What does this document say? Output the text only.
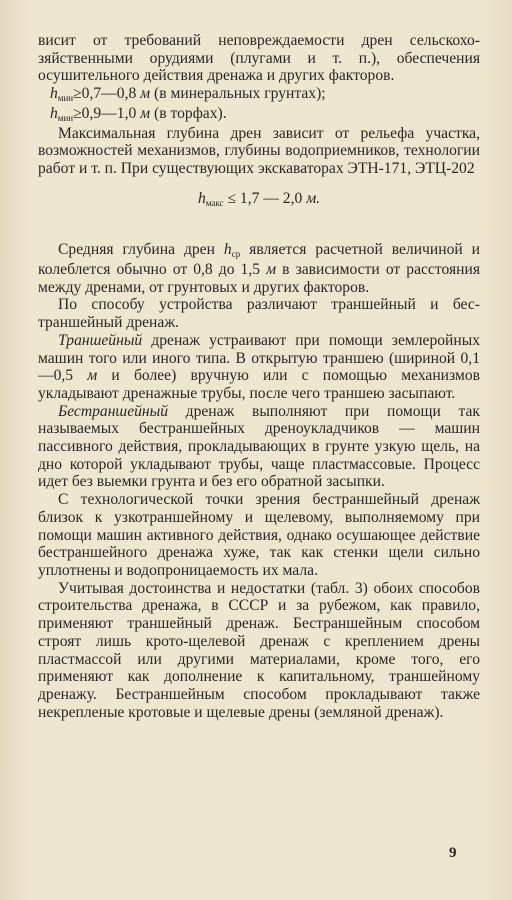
висит от требований неповреждаемости дрен сельскохозяйственными орудиями (плугами и т. п.), обеспечения осушительного действия дренажа и других факторов.

hмин≥0,7—0,8 м (в минеральных грунтах);

hмин≥0,9—1,0 м (в торфах).

Максимальная глубина дрен зависит от рельефа участка, возможностей механизмов, глубины водоприемников, технологии работ и т. п. При существующих экскаваторах ЭТН-171, ЭТЦ-202

hмакс ≤ 1,7 — 2,0 м.

Средняя глубина дрен hср является расчетной величиной и колеблется обычно от 0,8 до 1,5 м в зависимости от расстояния между дренами, от грунтовых и других факторов.

По способу устройства различают траншейный и бестраншейный дренаж.

Траншейный дренаж устраивают при помощи землеройных машин того или иного типа. В открытую траншею (шириной 0,1—0,5 м и более) вручную или с помощью механизмов укладывают дренажные трубы, после чего траншею засыпают.

Бестраншейный дренаж выполняют при помощи так называемых бестраншейных дреноукладчиков — машин пассивного действия, прокладывающих в грунте узкую щель, на дно которой укладывают трубы, чаще пластмассовые. Процесс идет без выемки грунта и без его обратной засыпки.

С технологической точки зрения бестраншейный дренаж близок к узкотраншейному и щелевому, выполняемому при помощи машин активного действия, однако осушающее действие бестраншейного дренажа хуже, так как стенки щели сильно уплотнены и водопроницаемость их мала.

Учитывая достоинства и недостатки (табл. 3) обоих способов строительства дренажа, в СССР и за рубежом, как правило, применяют траншейный дренаж. Бестраншейным способом строят лишь крото-щелевой дренаж с креплением дрены пластмассой или другими материалами, кроме того, его применяют как дополнение к капитальному, траншейному дренажу. Бестраншейным способом прокладывают также некрепленые кротовые и щелевые дрены (земляной дренаж).

9
